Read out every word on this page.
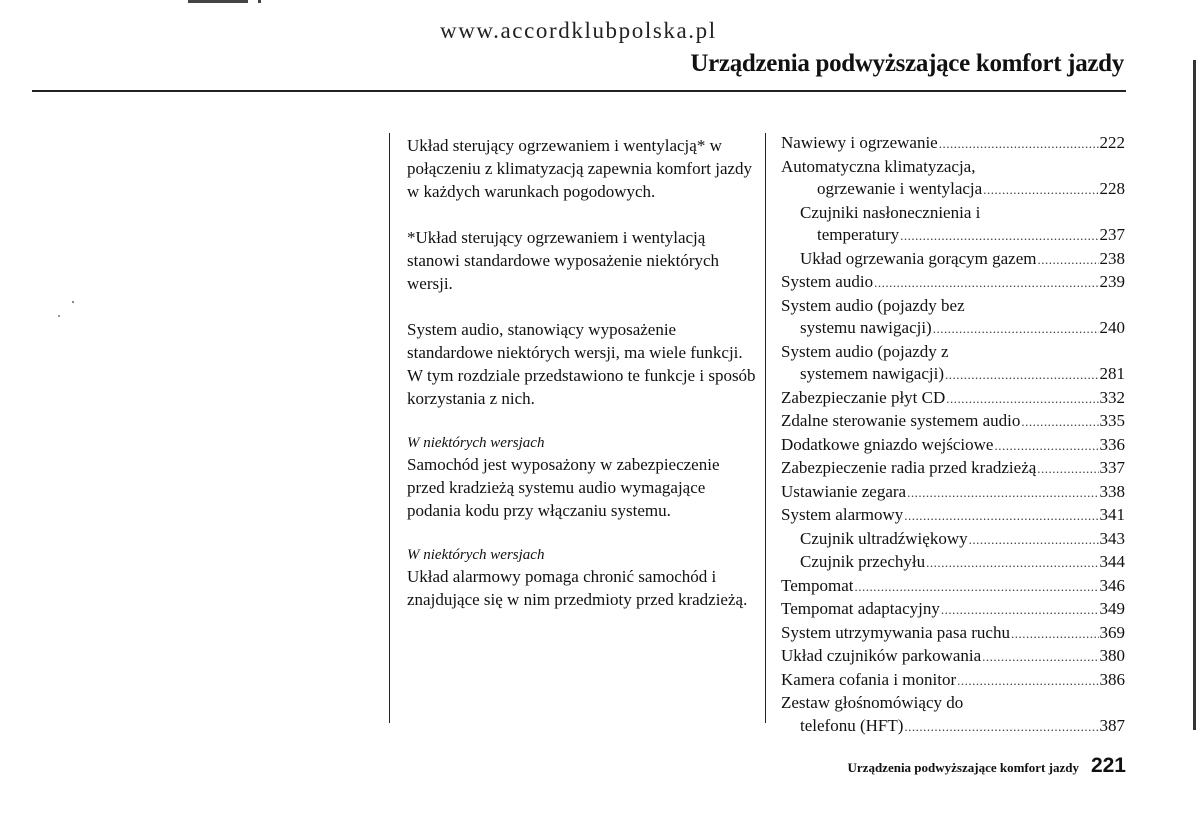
www.accordklubpolska.pl
Urządzenia podwyższające komfort jazdy

Układ sterujący ogrzewaniem i wentylacją* w połączeniu z klimatyzacją zapewnia komfort jazdy w każdych warunkach pogodowych.

*Układ sterujący ogrzewaniem i wentylacją stanowi standardowe wyposażenie niektórych wersji.

System audio, stanowiący wyposażenie standardowe niektórych wersji, ma wiele funkcji. W tym rozdziale przedstawiono te funkcje i sposób korzystania z nich.

W niektórych wersjach

Samochód jest wyposażony w zabezpieczenie przed kradzieżą systemu audio wymagające podania kodu przy włączaniu systemu.

W niektórych wersjach

Układ alarmowy pomaga chronić samochód i znajdujące się w nim przedmioty przed kradzieżą.

Nawiewy i ogrzewanie .....	222
Automatyczna klimatyzacja,
ogrzewanie i wentylacja .....	228
Czujniki nasłonecznienia i
temperatury .....	237
Układ ogrzewania gorącym gazem .....	238
System audio .....	239
System audio (pojazdy bez
systemu nawigacji) .....	240
System audio (pojazdy z
systemem nawigacji) .....	281
Zabezpieczanie płyt CD .....	332
Zdalne sterowanie systemem audio .....	335
Dodatkowe gniazdo wejściowe .....	336
Zabezpieczenie radia przed kradzieżą .....	337
Ustawianie zegara .....	338
System alarmowy .....	341
Czujnik ultradźwiękowy .....	343
Czujnik przechyłu .....	344
Tempomat .....	346
Tempomat adaptacyjny .....	349
System utrzymywania pasa ruchu .....	369
Układ czujników parkowania .....	380
Kamera cofania i monitor .....	386
Zestaw głośnomówiący do
telefonu (HFT) .....	387
Urządzenia podwyższające komfort jazdy 221
